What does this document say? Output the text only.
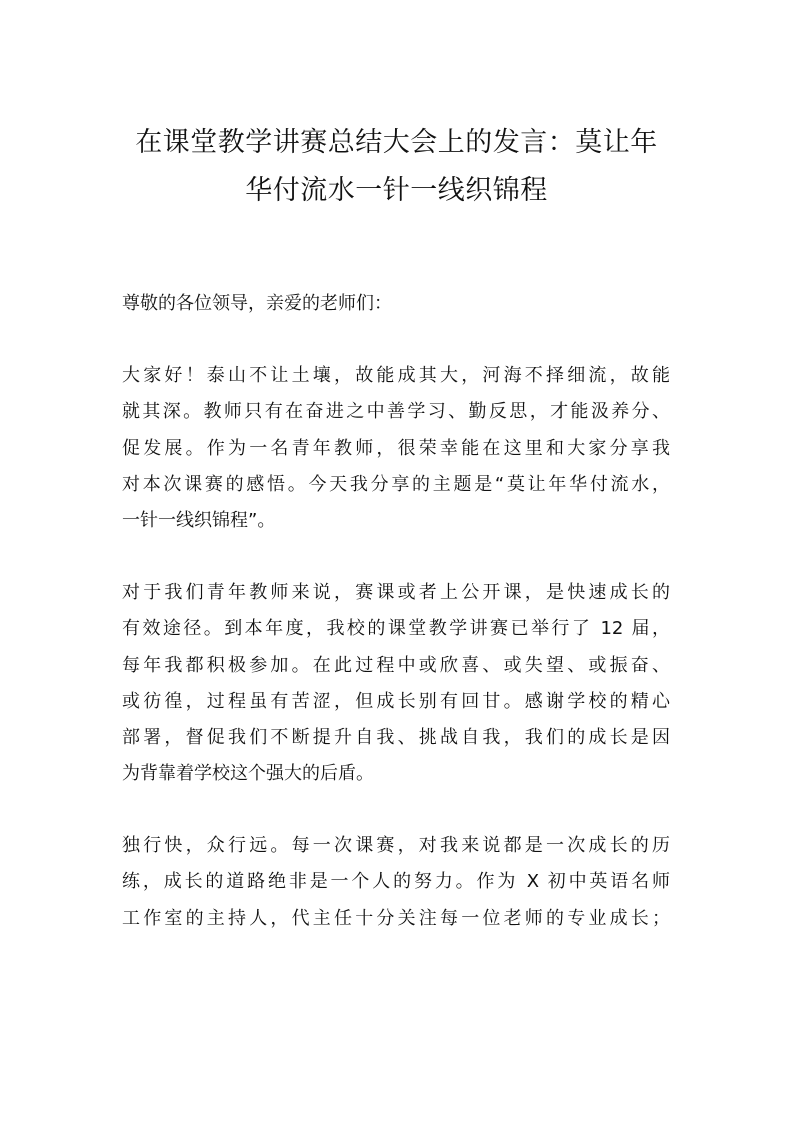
在课堂教学讲赛总结大会上的发言：莫让年
华付流水一针一线织锦程
尊敬的各位领导，亲爱的老师们：
大家好！泰山不让土壤，故能成其大，河海不择细流，故能
就其深。教师只有在奋进之中善学习、勤反思，才能汲养分、
促发展。作为一名青年教师，很荣幸能在这里和大家分享我
对本次课赛的感悟。今天我分享的主题是“莫让年华付流水，
一针一线织锦程”。
对于我们青年教师来说，赛课或者上公开课，是快速成长的
有效途径。到本年度，我校的课堂教学讲赛已举行了 12 届，
每年我都积极参加。在此过程中或欣喜、或失望、或振奋、
或彷徨，过程虽有苦涩，但成长别有回甘。感谢学校的精心
部署，督促我们不断提升自我、挑战自我，我们的成长是因
为背靠着学校这个强大的后盾。
独行快，众行远。每一次课赛，对我来说都是一次成长的历
练，成长的道路绝非是一个人的努力。作为 X 初中英语名师
工作室的主持人，代主任十分关注每一位老师的专业成长；
